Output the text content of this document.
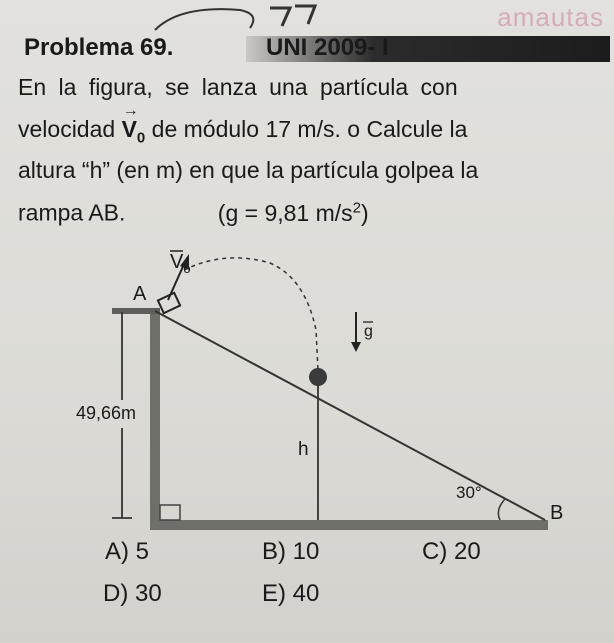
amautas
Problema 69.	UNI 2009- I
En la figura, se lanza una partícula con
velocidad
→
$V_0$ de módulo 17 m/s. o Calcule la
altura “h” (en m) en que la partícula golpea la
rampa AB.	(g = 9,81 $m/s^2$)
$V_o$
A
g
49,66m
h
30°
B
A) 5	B) 10	C) 20
D) 30	E) 40
